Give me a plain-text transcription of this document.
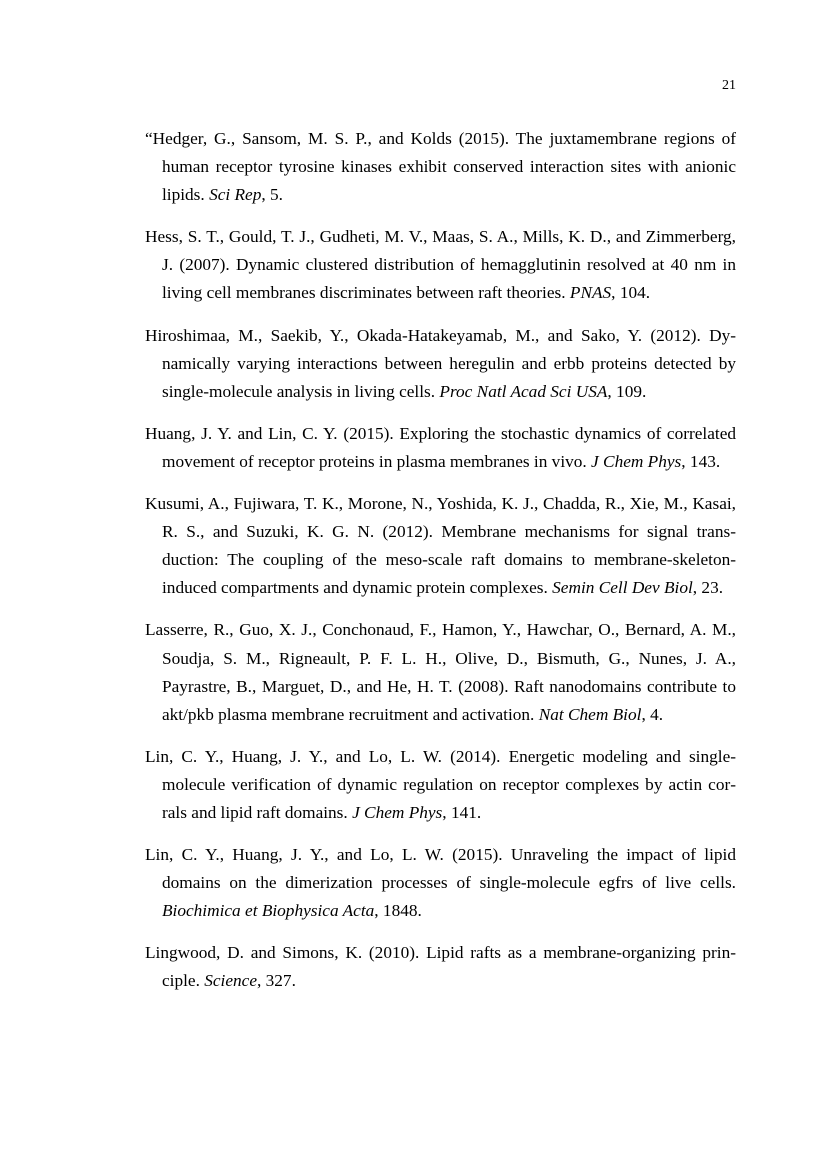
21

“Hedger, G., Sansom, M. S. P., and Kolds (2015). The juxtamembrane regions of human receptor tyrosine kinases exhibit conserved interaction sites with anionic lipids. Sci Rep, 5.

Hess, S. T., Gould, T. J., Gudheti, M. V., Maas, S. A., Mills, K. D., and Zimmerberg, J. (2007). Dynamic clustered distribution of hemagglutinin resolved at 40 nm in living cell membranes discriminates between raft theories. PNAS, 104.

Hiroshimaa, M., Saekib, Y., Okada-Hatakeyamab, M., and Sako, Y. (2012). Dynamically varying interactions between heregulin and erbb proteins detected by single-molecule analysis in living cells. Proc Natl Acad Sci USA, 109.

Huang, J. Y. and Lin, C. Y. (2015). Exploring the stochastic dynamics of correlated movement of receptor proteins in plasma membranes in vivo. J Chem Phys, 143.

Kusumi, A., Fujiwara, T. K., Morone, N., Yoshida, K. J., Chadda, R., Xie, M., Kasai, R. S., and Suzuki, K. G. N. (2012). Membrane mechanisms for signal transduction: The coupling of the meso-scale raft domains to membrane-skeleton-induced compartments and dynamic protein complexes. Semin Cell Dev Biol, 23.

Lasserre, R., Guo, X. J., Conchonaud, F., Hamon, Y., Hawchar, O., Bernard, A. M., Soudja, S. M., Rigneault, P. F. L. H., Olive, D., Bismuth, G., Nunes, J. A., Payrastre, B., Marguet, D., and He, H. T. (2008). Raft nanodomains contribute to akt/pkb plasma membrane recruitment and activation. Nat Chem Biol, 4.

Lin, C. Y., Huang, J. Y., and Lo, L. W. (2014). Energetic modeling and single-molecule verification of dynamic regulation on receptor complexes by actin corrals and lipid raft domains. J Chem Phys, 141.

Lin, C. Y., Huang, J. Y., and Lo, L. W. (2015). Unraveling the impact of lipid domains on the dimerization processes of single-molecule egfrs of live cells. Biochimica et Biophysica Acta, 1848.

Lingwood, D. and Simons, K. (2010). Lipid rafts as a membrane-organizing principle. Science, 327.
